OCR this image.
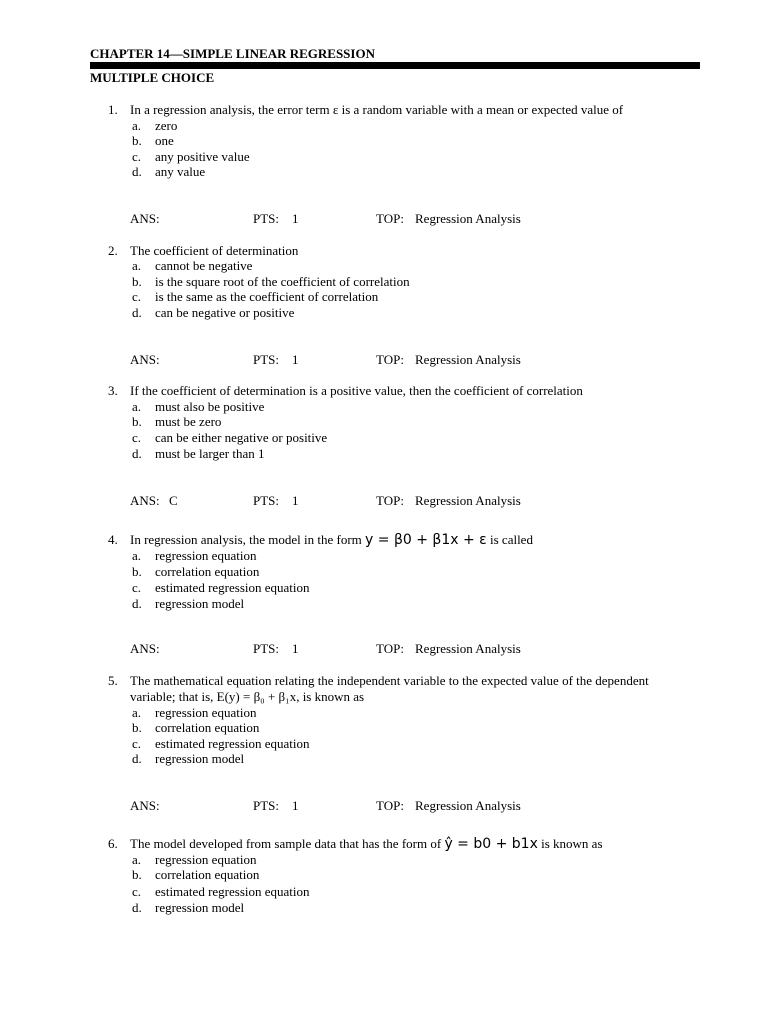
CHAPTER 14—SIMPLE LINEAR REGRESSION
MULTIPLE CHOICE
1. In a regression analysis, the error term ε is a random variable with a mean or expected value of
a. zero
b. one
c. any positive value
d. any value
ANS:	PTS: 1	TOP: Regression Analysis
2. The coefficient of determination
a. cannot be negative
b. is the square root of the coefficient of correlation
c. is the same as the coefficient of correlation
d. can be negative or positive
ANS:	PTS: 1	TOP: Regression Analysis
3. If the coefficient of determination is a positive value, then the coefficient of correlation
a. must also be positive
b. must be zero
c. can be either negative or positive
d. must be larger than 1
ANS: C	PTS: 1	TOP: Regression Analysis
4. In regression analysis, the model in the form y = β0 + β1x + ε is called
a. regression equation
b. correlation equation
c. estimated regression equation
d. regression model
ANS:	PTS: 1	TOP: Regression Analysis
5. The mathematical equation relating the independent variable to the expected value of the dependent variable; that is, E(y) = β₀ + β₁x, is known as
a. regression equation
b. correlation equation
c. estimated regression equation
d. regression model
ANS:	PTS: 1	TOP: Regression Analysis
6. The model developed from sample data that has the form of ŷ = b0 + b1x is known as
a. regression equation
b. correlation equation
c. estimated regression equation
d. regression model
